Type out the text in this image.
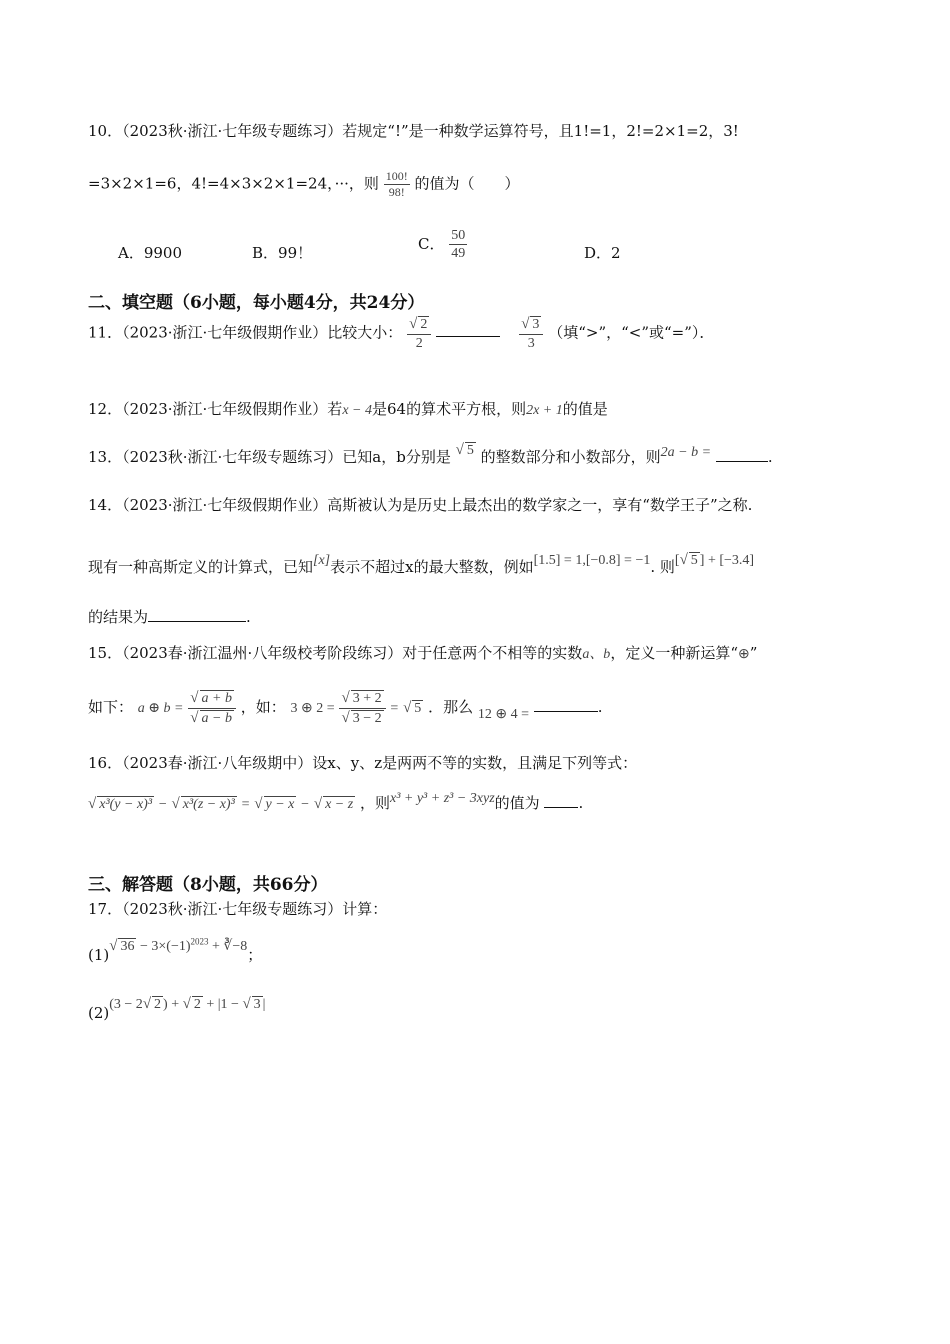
10．（2023秋·浙江·七年级专题练习）若规定“!”是一种数学运算符号，且1!=1，2!=2×1=2，3!
=3×2×1=6，4!=4×3×2×1=24，···，则 $\frac{100!}{98!}$ 的值为（　　）
A．9900	B．99！
C． $\frac{50}{49}$	D．2
二、填空题（6小题，每小题4分，共24分）
11．（2023·浙江·七年级假期作业）比较大小： $\frac{√ 2}{2}$
	$\frac{√ 3}{3}$ （填“>”，“<”或“=”）．
12．（2023·浙江·七年级假期作业）若x − 4是64的算术平方根，则2x + 1的值是
13．（2023秋·浙江·七年级专题练习）已知a，b分别是 √ 5 的整数部分和小数部分，则2a − b =	.
14．（2023·浙江·七年级假期作业）高斯被认为是历史上最杰出的数学家之一，享有“数学王子”之称.
现有一种高斯定义的计算式，已知[x]表示不超过x的最大整数，例如[1.5] = 1,[−0.8] = −1. 则[√ 5 ] + [−3.4]
的结果为	.
15．（2023春·浙江温州·八年级校考阶段练习）对于任意两个不相等的实数a、b，定义一种新运算“⊕”
如下： a ⊕ $b = \frac{√ a + b}{√ a - b}$ ，如： 3 ⊕ $2 = \frac{√ 3 + 2}{√ 3 - 2}$ = √ 5 ．那么 12 ⊕ 4 =	.
16．（2023春·浙江·八年级期中）设x、y、z是两两不等的实数，且满足下列等式：
√ x³(y − x)³ − √ x³(z − x)³ = √ y − x − √ x − z ，则x³ + y³ + z³ − 3xyz的值为	.
三、解答题（8小题，共66分）
17．（2023秋·浙江·七年级专题练习）计算：
(1)√ $36 - 3\times(-1)^{2023}$ + ∛−8；
(2)(3 − 2√ 2 ) + √ 2 + |1 − √ 3 |
